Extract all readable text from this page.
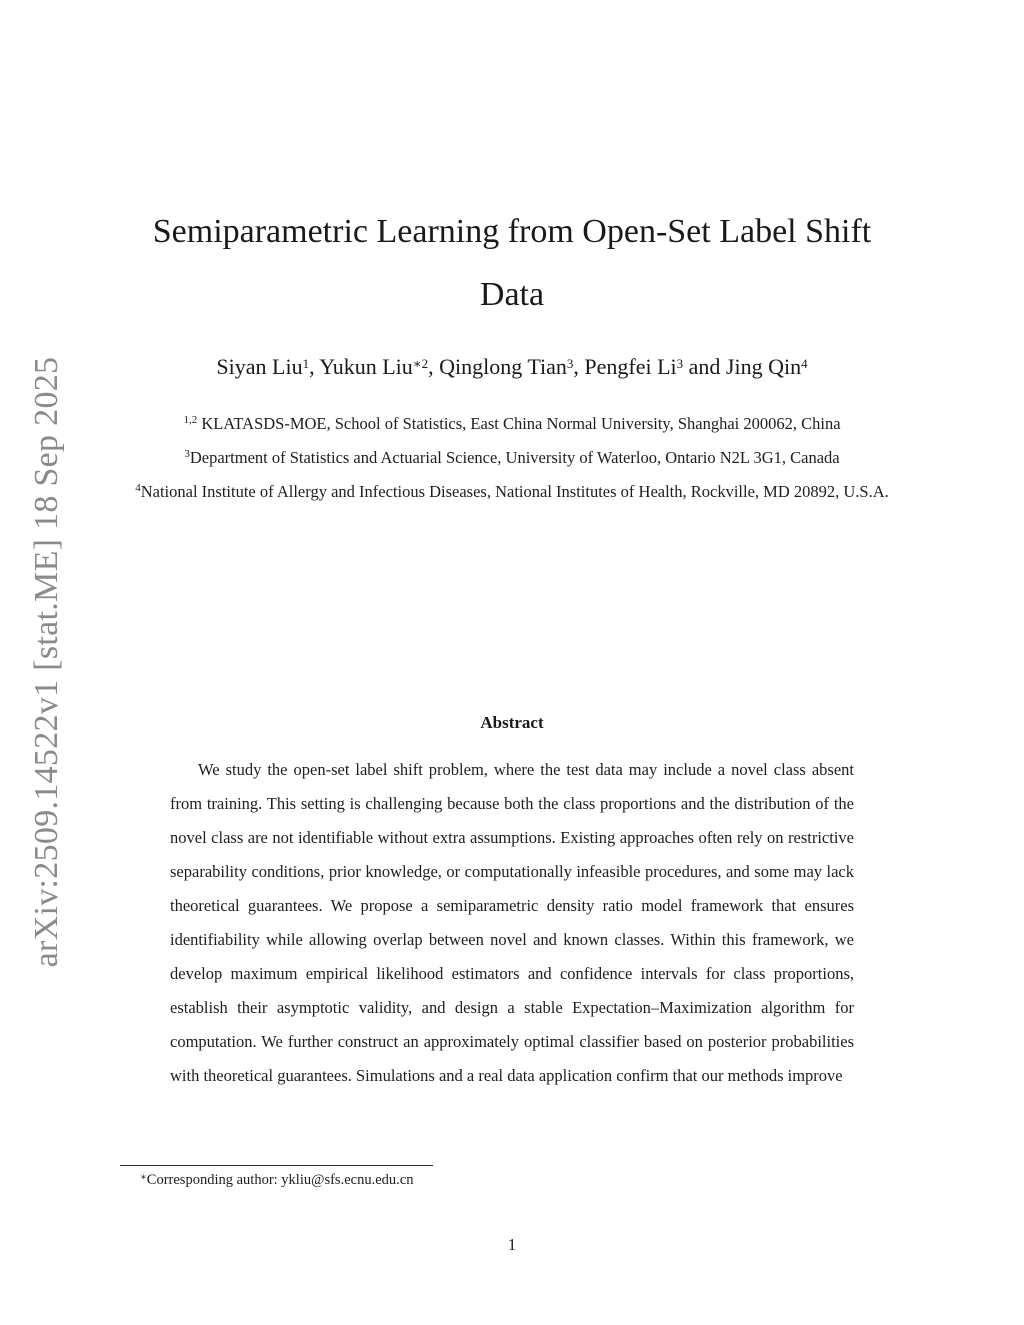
arXiv:2509.14522v1 [stat.ME] 18 Sep 2025
Semiparametric Learning from Open-Set Label Shift Data
Siyan Liu$^1$, Yukun Liu$^{∗2}$, Qinglong Tian$^3$, Pengfei Li$^3$ and Jing Qin$^4$

$^{1,2}$ KLATASDS-MOE, School of Statistics, East China Normal University, Shanghai 200062, China

$^3$Department of Statistics and Actuarial Science, University of Waterloo, Ontario N2L 3G1, Canada

$^4$National Institute of Allergy and Infectious Diseases, National Institutes of Health, Rockville, MD 20892, U.S.A.

Abstract

We study the open-set label shift problem, where the test data may include a novel class absent from training. This setting is challenging because both the class proportions and the distribution of the novel class are not identifiable without extra assumptions. Existing approaches often rely on restrictive separability conditions, prior knowledge, or computationally infeasible procedures, and some may lack theoretical guarantees. We propose a semiparametric density ratio model framework that ensures identifiability while allowing overlap between novel and known classes. Within this framework, we develop maximum empirical likelihood estimators and confidence intervals for class proportions, establish their asymptotic validity, and design a stable Expectation–Maximization algorithm for computation. We further construct an approximately optimal classifier based on posterior probabilities with theoretical guarantees. Simulations and a real data application confirm that our methods improve

∗Corresponding author: ykliu@sfs.ecnu.edu.cn
1
